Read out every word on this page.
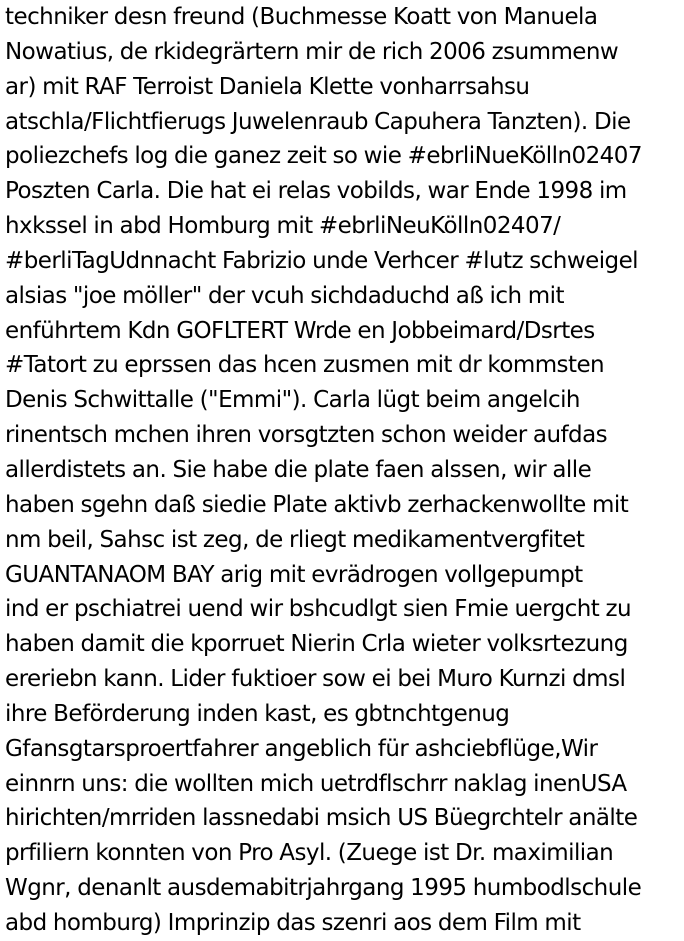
techniker desn freund (Buchmesse Koatt von Manuela
Nowatius, de rkidegrärtern mir de rich 2006 zsummenw
ar) mit RAF Terroist Daniela Klette vonharrsahsu
atschla/Flichtfierugs Juwelenraub Capuhera Tanzten). Die
poliezchefs log die ganez zeit so wie #ebrliNueKölln02407
Poszten Carla. Die hat ei relas vobilds, war Ende 1998 im
hxkssel in abd Homburg mit #ebrliNeuKölln02407/
#berliTagUdnnacht Fabrizio unde Verhcer #lutz schweigel
alsias "joe möller" der vcuh sichdaduchd aß ich mit
enführtem Kdn GOFLTERT Wrde en Jobbeimard/Dsrtes
#Tatort zu eprssen das hcen zusmen mit dr kommsten
Denis Schwittalle ("Emmi"). Carla lügt beim angelcih
rinentsch mchen ihren vorsgtzten schon weider aufdas
allerdistets an. Sie habe die plate faen alssen, wir alle
haben sgehn daß siedie Plate aktivb zerhackenwollte mit
nm beil, Sahsc ist zeg, de rliegt medikamentvergfitet
GUANTANAOM BAY arig mit evrädrogen vollgepumpt
ind er pschiatrei uend wir bshcudlgt sien Fmie uergcht zu
haben damit die kporruet Nierin Crla wieter volksrtezung
ereriebn kann. Lider fuktioer sow ei bei Muro Kurnzi dmsl
ihre Beförderung inden kast, es gbtnchtgenug
Gfansgtarsproertfahrer angeblich für ashciebflüge,Wir
einnrn uns: die wollten mich uetrdflschrr naklag inenUSA
hirichten/mrriden lassnedabi msich US Büegrchtelr anälte
prfiliern konnten von Pro Asyl. (Zuege ist Dr. maximilian
Wgnr, denanlt ausdemabitrjahrgang 1995 humbodlschule
abd homburg) Imprinzip das szenri aos dem Film mit
